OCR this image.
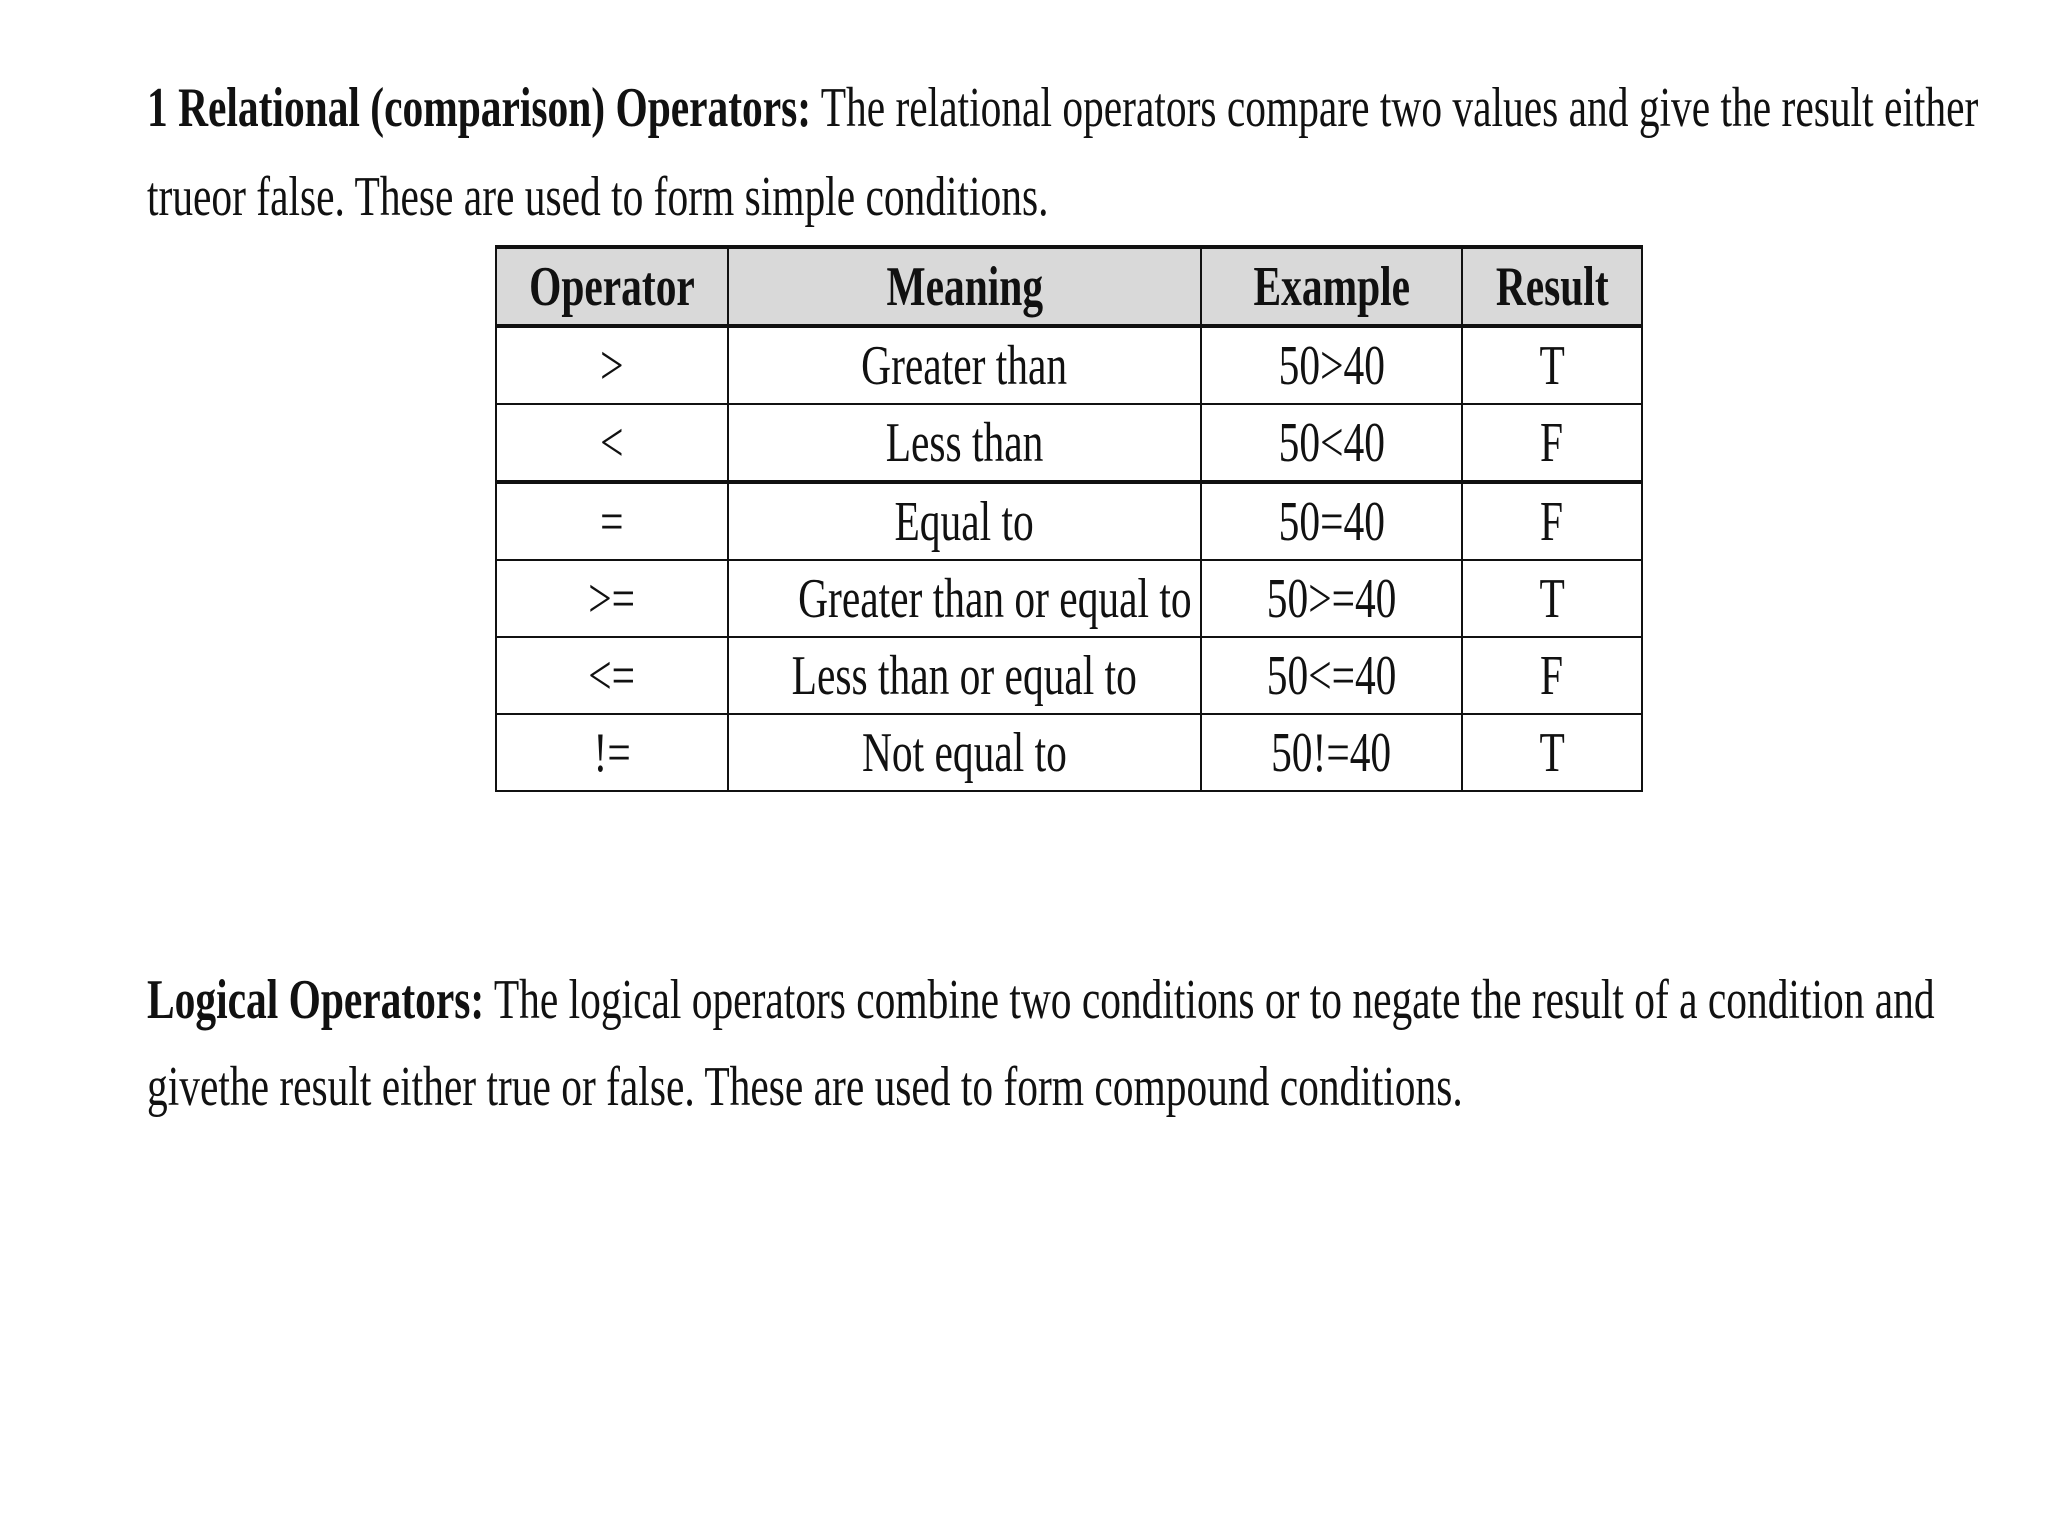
1 Relational (comparison) Operators: The relational operators compare two values and give the result either
trueor false. These are used to form simple conditions.
Operator	Meaning	Example	Result
>	Greater than	50>40	T
<	Less than	50<40	F
=	Equal to	50=40	F
>=	Greater than or equal to	50>=40	T
<=	Less than or equal to	50<=40	F
!=	Not equal to	50!=40	T
Logical Operators: The logical operators combine two conditions or to negate the result of a condition and
givethe result either true or false. These are used to form compound conditions.
